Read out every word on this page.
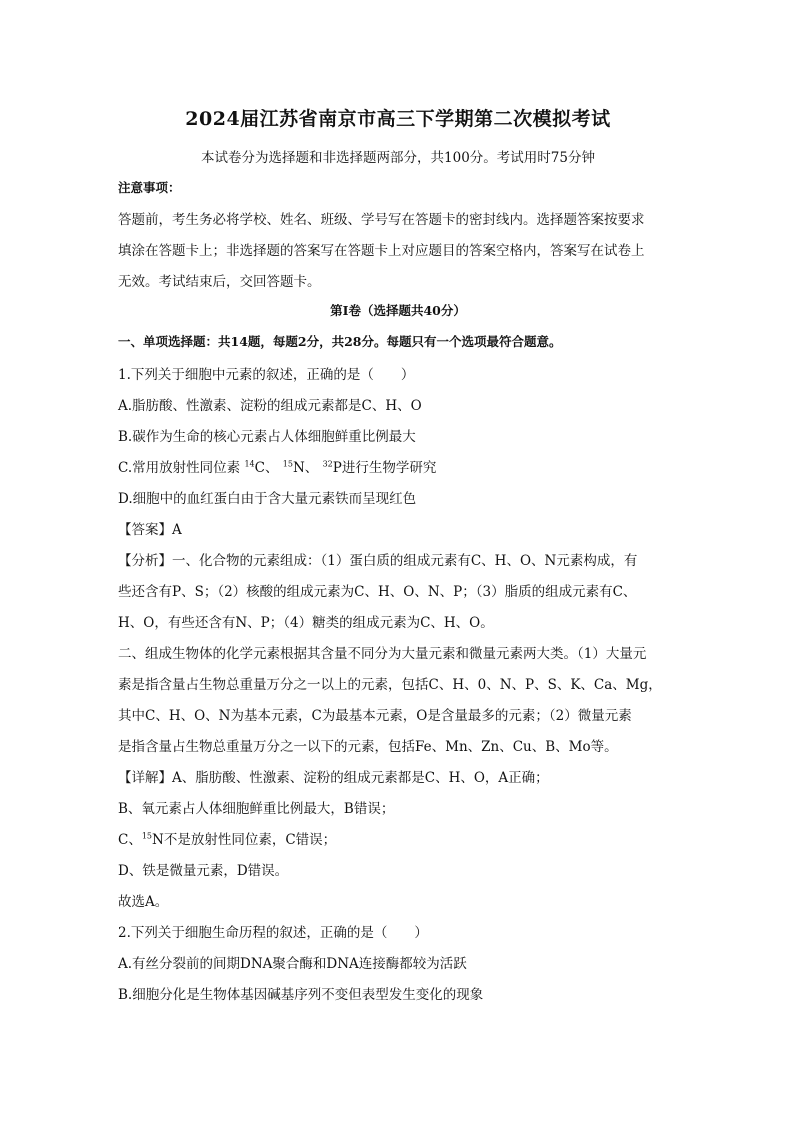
2024届江苏省南京市高三下学期第二次模拟考试
本试卷分为选择题和非选择题两部分，共100分。考试用时75分钟
注意事项：
答题前，考生务必将学校、姓名、班级、学号写在答题卡的密封线内。选择题答案按要求
填涂在答题卡上；非选择题的答案写在答题卡上对应题目的答案空格内，答案写在试卷上
无效。考试结束后，交回答题卡。
第Ⅰ卷（选择题共40分）
一、单项选择题：共14题，每题2分，共28分。每题只有一个选项最符合题意。
1.下列关于细胞中元素的叙述，正确的是（　　）
A.脂肪酸、性激素、淀粉的组成元素都是C、H、O
B.碳作为生命的核心元素占人体细胞鲜重比例最大
C.常用放射性同位素 $^{14}$C、 $^{15}$N、 $^{32}$P进行生物学研究
D.细胞中的血红蛋白由于含大量元素铁而呈现红色
【答案】A
【分析】一、化合物的元素组成：（1）蛋白质的组成元素有C、H、O、N元素构成，有
些还含有P、S；（2）核酸的组成元素为C、H、O、N、P；（3）脂质的组成元素有C、
H、O，有些还含有N、P；（4）糖类的组成元素为C、H、O。
二、组成生物体的化学元素根据其含量不同分为大量元素和微量元素两大类。（1）大量元
素是指含量占生物总重量万分之一以上的元素，包括C、H、0、N、P、S、K、Ca、Mg，
其中C、H、O、N为基本元素，C为最基本元素，O是含量最多的元素；（2）微量元素
是指含量占生物总重量万分之一以下的元素，包括Fe、Mn、Zn、Cu、B、Mo等。
【详解】A、脂肪酸、性激素、淀粉的组成元素都是C、H、O，A正确；
B、氧元素占人体细胞鲜重比例最大，B错误；
C、$^{15}$N不是放射性同位素，C错误；
D、铁是微量元素，D错误。
故选A。
2.下列关于细胞生命历程的叙述，正确的是（　　）
A.有丝分裂前的间期DNA聚合酶和DNA连接酶都较为活跃
B.细胞分化是生物体基因碱基序列不变但表型发生变化的现象
